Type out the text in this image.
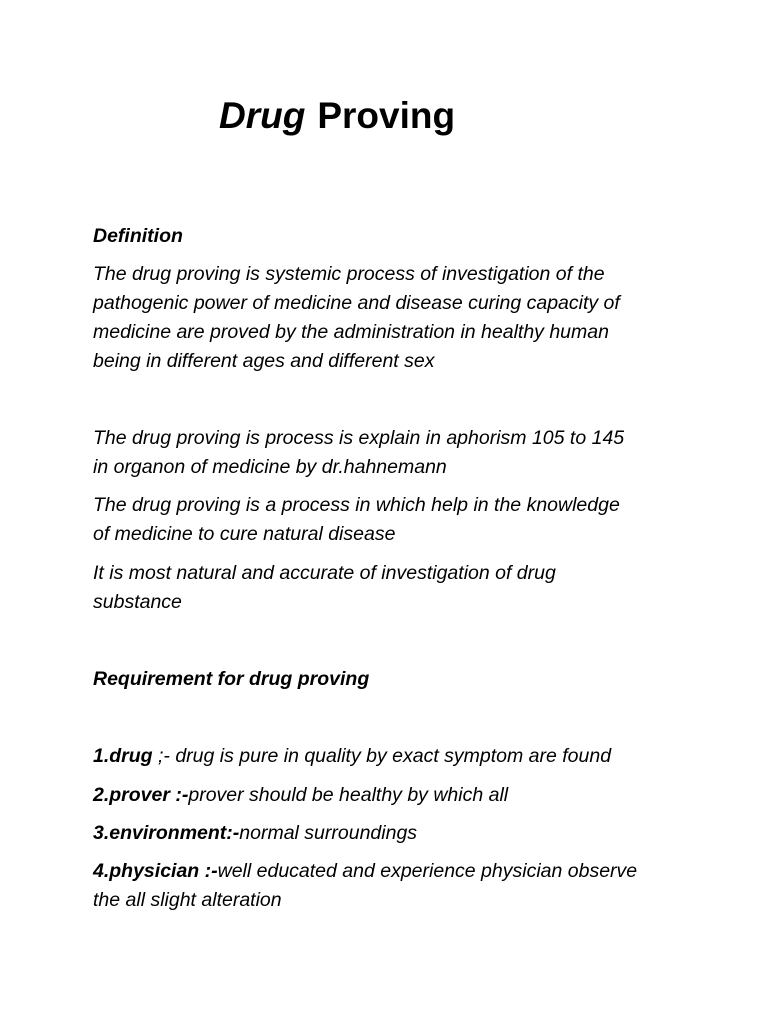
Drug Proving

Definition

The drug proving is systemic process of investigation of the
pathogenic power of medicine and disease curing capacity of
medicine are proved by the administration in healthy human
being in different ages and different sex
The drug proving is process is explain in aphorism 105 to 145
in organon of medicine by dr.hahnemann
The drug proving is a process in which help in the knowledge
of medicine to cure natural disease
It is most natural and accurate of investigation of drug
substance

Requirement for drug proving

1.drug ;- drug is pure in quality by exact symptom are found
2.prover :-prover should be healthy by which all
3.environment:-normal surroundings
4.physician :-well educated and experience physician observe
the all slight alteration
